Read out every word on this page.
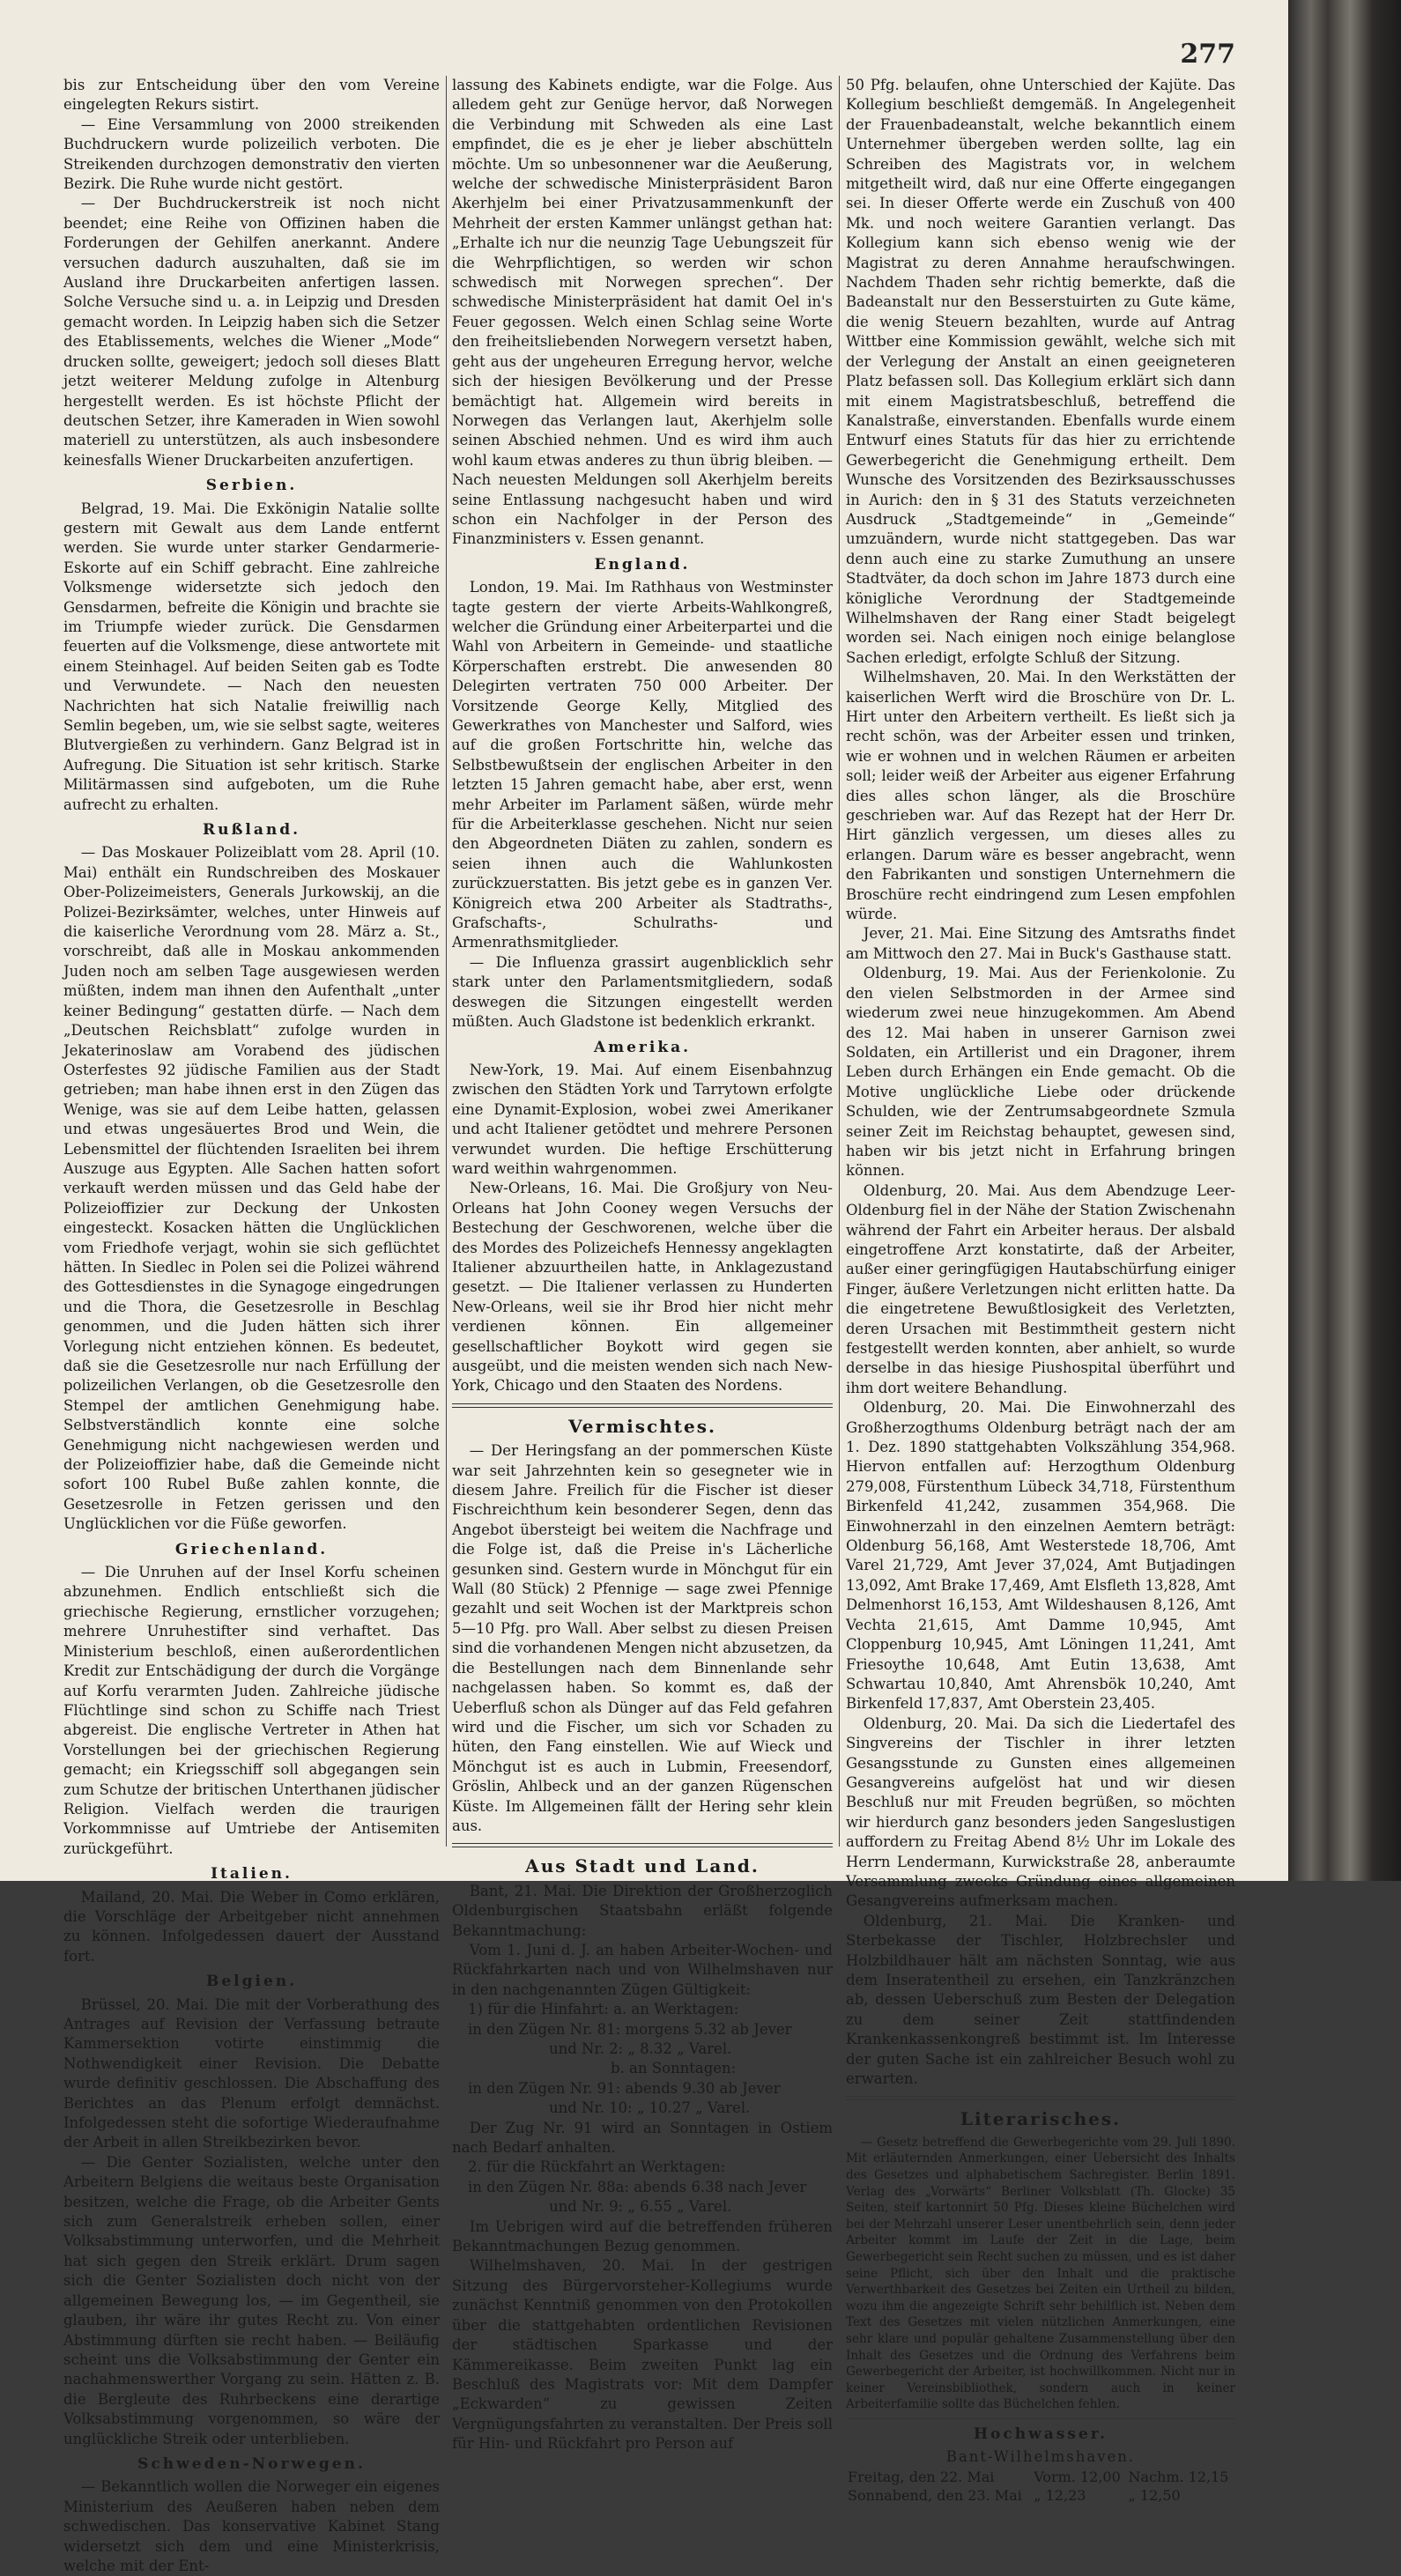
277

bis zur Entscheidung über den vom Vereine eingelegten Rekurs sistirt.

— Eine Versammlung von 2000 streikenden Buchdruckern wurde polizeilich verboten. Die Streikenden durchzogen demonstrativ den vierten Bezirk. Die Ruhe wurde nicht gestört.

— Der Buchdruckerstreik ist noch nicht beendet; eine Reihe von Offizinen haben die Forderungen der Gehilfen anerkannt. Andere versuchen dadurch auszuhalten, daß sie im Ausland ihre Druckarbeiten anfertigen lassen. Solche Versuche sind u. a. in Leipzig und Dresden gemacht worden. In Leipzig haben sich die Setzer des Etablissements, welches die Wiener „Mode“ drucken sollte, geweigert; jedoch soll dieses Blatt jetzt weiterer Meldung zufolge in Altenburg hergestellt werden. Es ist höchste Pflicht der deutschen Setzer, ihre Kameraden in Wien sowohl materiell zu unterstützen, als auch insbesondere keinesfalls Wiener Druckarbeiten anzufertigen.

Serbien.

Belgrad, 19. Mai. Die Exkönigin Natalie sollte gestern mit Gewalt aus dem Lande entfernt werden. Sie wurde unter starker Gendarmerie-Eskorte auf ein Schiff gebracht. Eine zahlreiche Volksmenge widersetzte sich jedoch den Gensdarmen, befreite die Königin und brachte sie im Triumpfe wieder zurück. Die Gensdarmen feuerten auf die Volksmenge, diese antwortete mit einem Steinhagel. Auf beiden Seiten gab es Todte und Verwundete. — Nach den neuesten Nachrichten hat sich Natalie freiwillig nach Semlin begeben, um, wie sie selbst sagte, weiteres Blutvergießen zu verhindern. Ganz Belgrad ist in Aufregung. Die Situation ist sehr kritisch. Starke Militärmassen sind aufgeboten, um die Ruhe aufrecht zu erhalten.

Rußland.

— Das Moskauer Polizeiblatt vom 28. April (10. Mai) enthält ein Rundschreiben des Moskauer Ober-Polizeimeisters, Generals Jurkowskij, an die Polizei-Bezirksämter, welches, unter Hinweis auf die kaiserliche Verordnung vom 28. März a. St., vorschreibt, daß alle in Moskau ankommenden Juden noch am selben Tage ausgewiesen werden müßten, indem man ihnen den Aufenthalt „unter keiner Bedingung“ gestatten dürfe. — Nach dem „Deutschen Reichsblatt“ zufolge wurden in Jekaterinoslaw am Vorabend des jüdischen Osterfestes 92 jüdische Familien aus der Stadt getrieben; man habe ihnen erst in den Zügen das Wenige, was sie auf dem Leibe hatten, gelassen und etwas ungesäuertes Brod und Wein, die Lebensmittel der flüchtenden Israeliten bei ihrem Auszuge aus Egypten. Alle Sachen hatten sofort verkauft werden müssen und das Geld habe der Polizeioffizier zur Deckung der Unkosten eingesteckt. Kosacken hätten die Unglücklichen vom Friedhofe verjagt, wohin sie sich geflüchtet hätten. In Siedlec in Polen sei die Polizei während des Gottesdienstes in die Synagoge eingedrungen und die Thora, die Gesetzesrolle in Beschlag genommen, und die Juden hätten sich ihrer Vorlegung nicht entziehen können. Es bedeutet, daß sie die Gesetzesrolle nur nach Erfüllung der polizeilichen Verlangen, ob die Gesetzesrolle den Stempel der amtlichen Genehmigung habe. Selbstverständlich konnte eine solche Genehmigung nicht nachgewiesen werden und der Polizeioffizier habe, daß die Gemeinde nicht sofort 100 Rubel Buße zahlen konnte, die Gesetzesrolle in Fetzen gerissen und den Unglücklichen vor die Füße geworfen.

Griechenland.

— Die Unruhen auf der Insel Korfu scheinen abzunehmen. Endlich entschließt sich die griechische Regierung, ernstlicher vorzugehen; mehrere Unruhestifter sind verhaftet. Das Ministerium beschloß, einen außerordentlichen Kredit zur Entschädigung der durch die Vorgänge auf Korfu verarmten Juden. Zahlreiche jüdische Flüchtlinge sind schon zu Schiffe nach Triest abgereist. Die englische Vertreter in Athen hat Vorstellungen bei der griechischen Regierung gemacht; ein Kriegsschiff soll abgegangen sein zum Schutze der britischen Unterthanen jüdischer Religion. Vielfach werden die traurigen Vorkommnisse auf Umtriebe der Antisemiten zurückgeführt.

Italien.

Mailand, 20. Mai. Die Weber in Como erklären, die Vorschläge der Arbeitgeber nicht annehmen zu können. Infolgedessen dauert der Ausstand fort.

Belgien.

Brüssel, 20. Mai. Die mit der Vorberathung des Antrages auf Revision der Verfassung betraute Kammersektion votirte einstimmig die Nothwendigkeit einer Revision. Die Debatte wurde definitiv geschlossen. Die Abschaffung des Berichtes an das Plenum erfolgt demnächst. Infolgedessen steht die sofortige Wiederaufnahme der Arbeit in allen Streikbezirken bevor.

— Die Genter Sozialisten, welche unter den Arbeitern Belgiens die weitaus beste Organisation besitzen, welche die Frage, ob die Arbeiter Gents sich zum Generalstreik erheben sollen, einer Volksabstimmung unterworfen, und die Mehrheit hat sich gegen den Streik erklärt. Drum sagen sich die Genter Sozialisten doch nicht von der allgemeinen Bewegung los, — im Gegentheil, sie glauben, ihr wäre ihr gutes Recht zu. Von einer Abstimmung dürften sie recht haben. — Beiläufig scheint uns die Volksabstimmung der Genter ein nachahmenswerther Vorgang zu sein. Hätten z. B. die Bergleute des Ruhrbeckens eine derartige Volksabstimmung vorgenommen, so wäre der unglückliche Streik oder unterblieben.

Schweden-Norwegen.

— Bekanntlich wollen die Norweger ein eigenes Ministerium des Aeußeren haben neben dem schwedischen. Das konservative Kabinet Stang widersetzt sich dem und eine Ministerkrisis, welche mit der Ent-

lassung des Kabinets endigte, war die Folge. Aus alledem geht zur Genüge hervor, daß Norwegen die Verbindung mit Schweden als eine Last empfindet, die es je eher je lieber abschütteln möchte. Um so unbesonnener war die Aeußerung, welche der schwedische Ministerpräsident Baron Akerhjelm bei einer Privatzusammenkunft der Mehrheit der ersten Kammer unlängst gethan hat: „Erhalte ich nur die neunzig Tage Uebungszeit für die Wehrpflichtigen, so werden wir schon schwedisch mit Norwegen sprechen“. Der schwedische Ministerpräsident hat damit Oel in's Feuer gegossen. Welch einen Schlag seine Worte den freiheitsliebenden Norwegern versetzt haben, geht aus der ungeheuren Erregung hervor, welche sich der hiesigen Bevölkerung und der Presse bemächtigt hat. Allgemein wird bereits in Norwegen das Verlangen laut, Akerhjelm solle seinen Abschied nehmen. Und es wird ihm auch wohl kaum etwas anderes zu thun übrig bleiben. — Nach neuesten Meldungen soll Akerhjelm bereits seine Entlassung nachgesucht haben und wird schon ein Nachfolger in der Person des Finanzministers v. Essen genannt.

England.

London, 19. Mai. Im Rathhaus von Westminster tagte gestern der vierte Arbeits-Wahlkongreß, welcher die Gründung einer Arbeiterpartei und die Wahl von Arbeitern in Gemeinde- und staatliche Körperschaften erstrebt. Die anwesenden 80 Delegirten vertraten 750 000 Arbeiter. Der Vorsitzende George Kelly, Mitglied des Gewerkrathes von Manchester und Salford, wies auf die großen Fortschritte hin, welche das Selbstbewußtsein der englischen Arbeiter in den letzten 15 Jahren gemacht habe, aber erst, wenn mehr Arbeiter im Parlament säßen, würde mehr für die Arbeiterklasse geschehen. Nicht nur seien den Abgeordneten Diäten zu zahlen, sondern es seien ihnen auch die Wahlunkosten zurückzuerstatten. Bis jetzt gebe es in ganzen Ver. Königreich etwa 200 Arbeiter als Stadtraths-, Grafschafts-, Schulraths- und Armenrathsmitglieder.

— Die Influenza grassirt augenblicklich sehr stark unter den Parlamentsmitgliedern, sodaß deswegen die Sitzungen eingestellt werden müßten. Auch Gladstone ist bedenklich erkrankt.

Amerika.

New-York, 19. Mai. Auf einem Eisenbahnzug zwischen den Städten York und Tarrytown erfolgte eine Dynamit-Explosion, wobei zwei Amerikaner und acht Italiener getödtet und mehrere Personen verwundet wurden. Die heftige Erschütterung ward weithin wahrgenommen.

New-Orleans, 16. Mai. Die Großjury von Neu-Orleans hat John Cooney wegen Versuchs der Bestechung der Geschworenen, welche über die des Mordes des Polizeichefs Hennessy angeklagten Italiener abzuurtheilen hatte, in Anklagezustand gesetzt. — Die Italiener verlassen zu Hunderten New-Orleans, weil sie ihr Brod hier nicht mehr verdienen können. Ein allgemeiner gesellschaftlicher Boykott wird gegen sie ausgeübt, und die meisten wenden sich nach New-York, Chicago und den Staaten des Nordens.

Vermischtes.

— Der Heringsfang an der pommerschen Küste war seit Jahrzehnten kein so gesegneter wie in diesem Jahre. Freilich für die Fischer ist dieser Fischreichthum kein besonderer Segen, denn das Angebot übersteigt bei weitem die Nachfrage und die Folge ist, daß die Preise in's Lächerliche gesunken sind. Gestern wurde in Mönchgut für ein Wall (80 Stück) 2 Pfennige — sage zwei Pfennige gezahlt und seit Wochen ist der Marktpreis schon 5—10 Pfg. pro Wall. Aber selbst zu diesen Preisen sind die vorhandenen Mengen nicht abzusetzen, da die Bestellungen nach dem Binnenlande sehr nachgelassen haben. So kommt es, daß der Ueberfluß schon als Dünger auf das Feld gefahren wird und die Fischer, um sich vor Schaden zu hüten, den Fang einstellen. Wie auf Wieck und Mönchgut ist es auch in Lubmin, Freesendorf, Gröslin, Ahlbeck und an der ganzen Rügenschen Küste. Im Allgemeinen fällt der Hering sehr klein aus.

Aus Stadt und Land.

Bant, 21. Mai. Die Direktion der Großherzoglich Oldenburgischen Staatsbahn erläßt folgende Bekanntmachung:

Vom 1. Juni d. J. an haben Arbeiter-Wochen- und Rückfahrkarten nach und von Wilhelmshaven nur in den nachgenannten Zügen Gültigkeit:

1) für die Hinfahrt: a. an Werktagen:

in den Zügen Nr. 81: morgens 5.32 ab Jever

und Nr. 2: „ 8.32 „ Varel.

b. an Sonntagen:

in den Zügen Nr. 91: abends 9.30 ab Jever

und Nr. 10: „ 10.27 „ Varel.

Der Zug Nr. 91 wird an Sonntagen in Ostiem nach Bedarf anhalten.

2. für die Rückfahrt an Werktagen:

in den Zügen Nr. 88a: abends 6.38 nach Jever

und Nr. 9: „ 6.55 „ Varel.

Im Uebrigen wird auf die betreffenden früheren Bekanntmachungen Bezug genommen.

Wilhelmshaven, 20. Mai. In der gestrigen Sitzung des Bürgervorsteher-Kollegiums wurde zunächst Kenntniß genommen von den Protokollen über die stattgehabten ordentlichen Revisionen der städtischen Sparkasse und der Kämmereikasse. Beim zweiten Punkt lag ein Beschluß des Magistrats vor: Mit dem Dampfer „Eckwarden“ zu gewissen Zeiten Vergnügungsfahrten zu veranstalten. Der Preis soll für Hin- und Rückfahrt pro Person auf

50 Pfg. belaufen, ohne Unterschied der Kajüte. Das Kollegium beschließt demgemäß. In Angelegenheit der Frauenbadeanstalt, welche bekanntlich einem Unternehmer übergeben werden sollte, lag ein Schreiben des Magistrats vor, in welchem mitgetheilt wird, daß nur eine Offerte eingegangen sei. In dieser Offerte werde ein Zuschuß von 400 Mk. und noch weitere Garantien verlangt. Das Kollegium kann sich ebenso wenig wie der Magistrat zu deren Annahme heraufschwingen. Nachdem Thaden sehr richtig bemerkte, daß die Badeanstalt nur den Besserstuirten zu Gute käme, die wenig Steuern bezahlten, wurde auf Antrag Wittber eine Kommission gewählt, welche sich mit der Verlegung der Anstalt an einen geeigneteren Platz befassen soll. Das Kollegium erklärt sich dann mit einem Magistratsbeschluß, betreffend die Kanalstraße, einverstanden. Ebenfalls wurde einem Entwurf eines Statuts für das hier zu errichtende Gewerbegericht die Genehmigung ertheilt. Dem Wunsche des Vorsitzenden des Bezirksausschusses in Aurich: den in § 31 des Statuts verzeichneten Ausdruck „Stadtgemeinde“ in „Gemeinde“ umzuändern, wurde nicht stattgegeben. Das war denn auch eine zu starke Zumuthung an unsere Stadtväter, da doch schon im Jahre 1873 durch eine königliche Verordnung der Stadtgemeinde Wilhelmshaven der Rang einer Stadt beigelegt worden sei. Nach einigen noch einige belanglose Sachen erledigt, erfolgte Schluß der Sitzung.

Wilhelmshaven, 20. Mai. In den Werkstätten der kaiserlichen Werft wird die Broschüre von Dr. L. Hirt unter den Arbeitern vertheilt. Es ließt sich ja recht schön, was der Arbeiter essen und trinken, wie er wohnen und in welchen Räumen er arbeiten soll; leider weiß der Arbeiter aus eigener Erfahrung dies alles schon länger, als die Broschüre geschrieben war. Auf das Rezept hat der Herr Dr. Hirt gänzlich vergessen, um dieses alles zu erlangen. Darum wäre es besser angebracht, wenn den Fabrikanten und sonstigen Unternehmern die Broschüre recht eindringend zum Lesen empfohlen würde.

Jever, 21. Mai. Eine Sitzung des Amtsraths findet am Mittwoch den 27. Mai in Buck's Gasthause statt.

Oldenburg, 19. Mai. Aus der Ferienkolonie. Zu den vielen Selbstmorden in der Armee sind wiederum zwei neue hinzugekommen. Am Abend des 12. Mai haben in unserer Garnison zwei Soldaten, ein Artillerist und ein Dragoner, ihrem Leben durch Erhängen ein Ende gemacht. Ob die Motive unglückliche Liebe oder drückende Schulden, wie der Zentrumsabgeordnete Szmula seiner Zeit im Reichstag behauptet, gewesen sind, haben wir bis jetzt nicht in Erfahrung bringen können.

Oldenburg, 20. Mai. Aus dem Abendzuge Leer-Oldenburg fiel in der Nähe der Station Zwischenahn während der Fahrt ein Arbeiter heraus. Der alsbald eingetroffene Arzt konstatirte, daß der Arbeiter, außer einer geringfügigen Hautabschürfung einiger Finger, äußere Verletzungen nicht erlitten hatte. Da die eingetretene Bewußtlosigkeit des Verletzten, deren Ursachen mit Bestimmtheit gestern nicht festgestellt werden konnten, aber anhielt, so wurde derselbe in das hiesige Piushospital überführt und ihm dort weitere Behandlung.

Oldenburg, 20. Mai. Die Einwohnerzahl des Großherzogthums Oldenburg beträgt nach der am 1. Dez. 1890 stattgehabten Volkszählung 354,968. Hiervon entfallen auf: Herzogthum Oldenburg 279,008, Fürstenthum Lübeck 34,718, Fürstenthum Birkenfeld 41,242, zusammen 354,968. Die Einwohnerzahl in den einzelnen Aemtern beträgt: Oldenburg 56,168, Amt Westerstede 18,706, Amt Varel 21,729, Amt Jever 37,024, Amt Butjadingen 13,092, Amt Brake 17,469, Amt Elsfleth 13,828, Amt Delmenhorst 16,153, Amt Wildeshausen 8,126, Amt Vechta 21,615, Amt Damme 10,945, Amt Cloppenburg 10,945, Amt Löningen 11,241, Amt Friesoythe 10,648, Amt Eutin 13,638, Amt Schwartau 10,840, Amt Ahrensbök 10,240, Amt Birkenfeld 17,837, Amt Oberstein 23,405.

Oldenburg, 20. Mai. Da sich die Liedertafel des Singvereins der Tischler in ihrer letzten Gesangsstunde zu Gunsten eines allgemeinen Gesangvereins aufgelöst hat und wir diesen Beschluß nur mit Freuden begrüßen, so möchten wir hierdurch ganz besonders jeden Sangeslustigen auffordern zu Freitag Abend 8½ Uhr im Lokale des Herrn Lendermann, Kurwickstraße 28, anberaumte Versammlung zwecks Gründung eines allgemeinen Gesangvereins aufmerksam machen.

Oldenburg, 21. Mai. Die Kranken- und Sterbekasse der Tischler, Holzbrechsler und Holzbildhauer hält am nächsten Sonntag, wie aus dem Inseratentheil zu ersehen, ein Tanzkränzchen ab, dessen Ueberschuß zum Besten der Delegation zu dem seiner Zeit stattfindenden Krankenkassenkongreß bestimmt ist. Im Interesse der guten Sache ist ein zahlreicher Besuch wohl zu erwarten.

Literarisches.

— Gesetz betreffend die Gewerbegerichte vom 29. Juli 1890. Mit erläuternden Anmerkungen, einer Uebersicht des Inhalts des Gesetzes und alphabetischem Sachregister. Berlin 1891. Verlag des „Vorwärts“ Berliner Volksblatt (Th. Glocke) 35 Seiten, steif kartonnirt 50 Pfg. Dieses kleine Büchelchen wird bei der Mehrzahl unserer Leser unentbehrlich sein, denn jeder Arbeiter kommt im Laufe der Zeit in die Lage, beim Gewerbegericht sein Recht suchen zu müssen, und es ist daher seine Pflicht, sich über den Inhalt und die praktische Verwerthbarkeit des Gesetzes bei Zeiten ein Urtheil zu bilden, wozu ihm die angezeigte Schrift sehr behilflich ist. Neben dem Text des Gesetzes mit vielen nützlichen Anmerkungen, eine sehr klare und populär gehaltene Zusammenstellung über den Inhalt des Gesetzes und die Ordnung des Verfahrens beim Gewerbegericht der Arbeiter, ist hochwillkommen. Nicht nur in keiner Vereinsbibliothek, sondern auch in keiner Arbeiterfamilie sollte das Büchelchen fehlen.

Hochwasser.

Bant-Wilhelmshaven.

Freitag, den 22. Mai	Vorm. 12,00	Nachm. 12,15
Sonnabend, den 23. Mai	„ 12,23	„ 12,50
